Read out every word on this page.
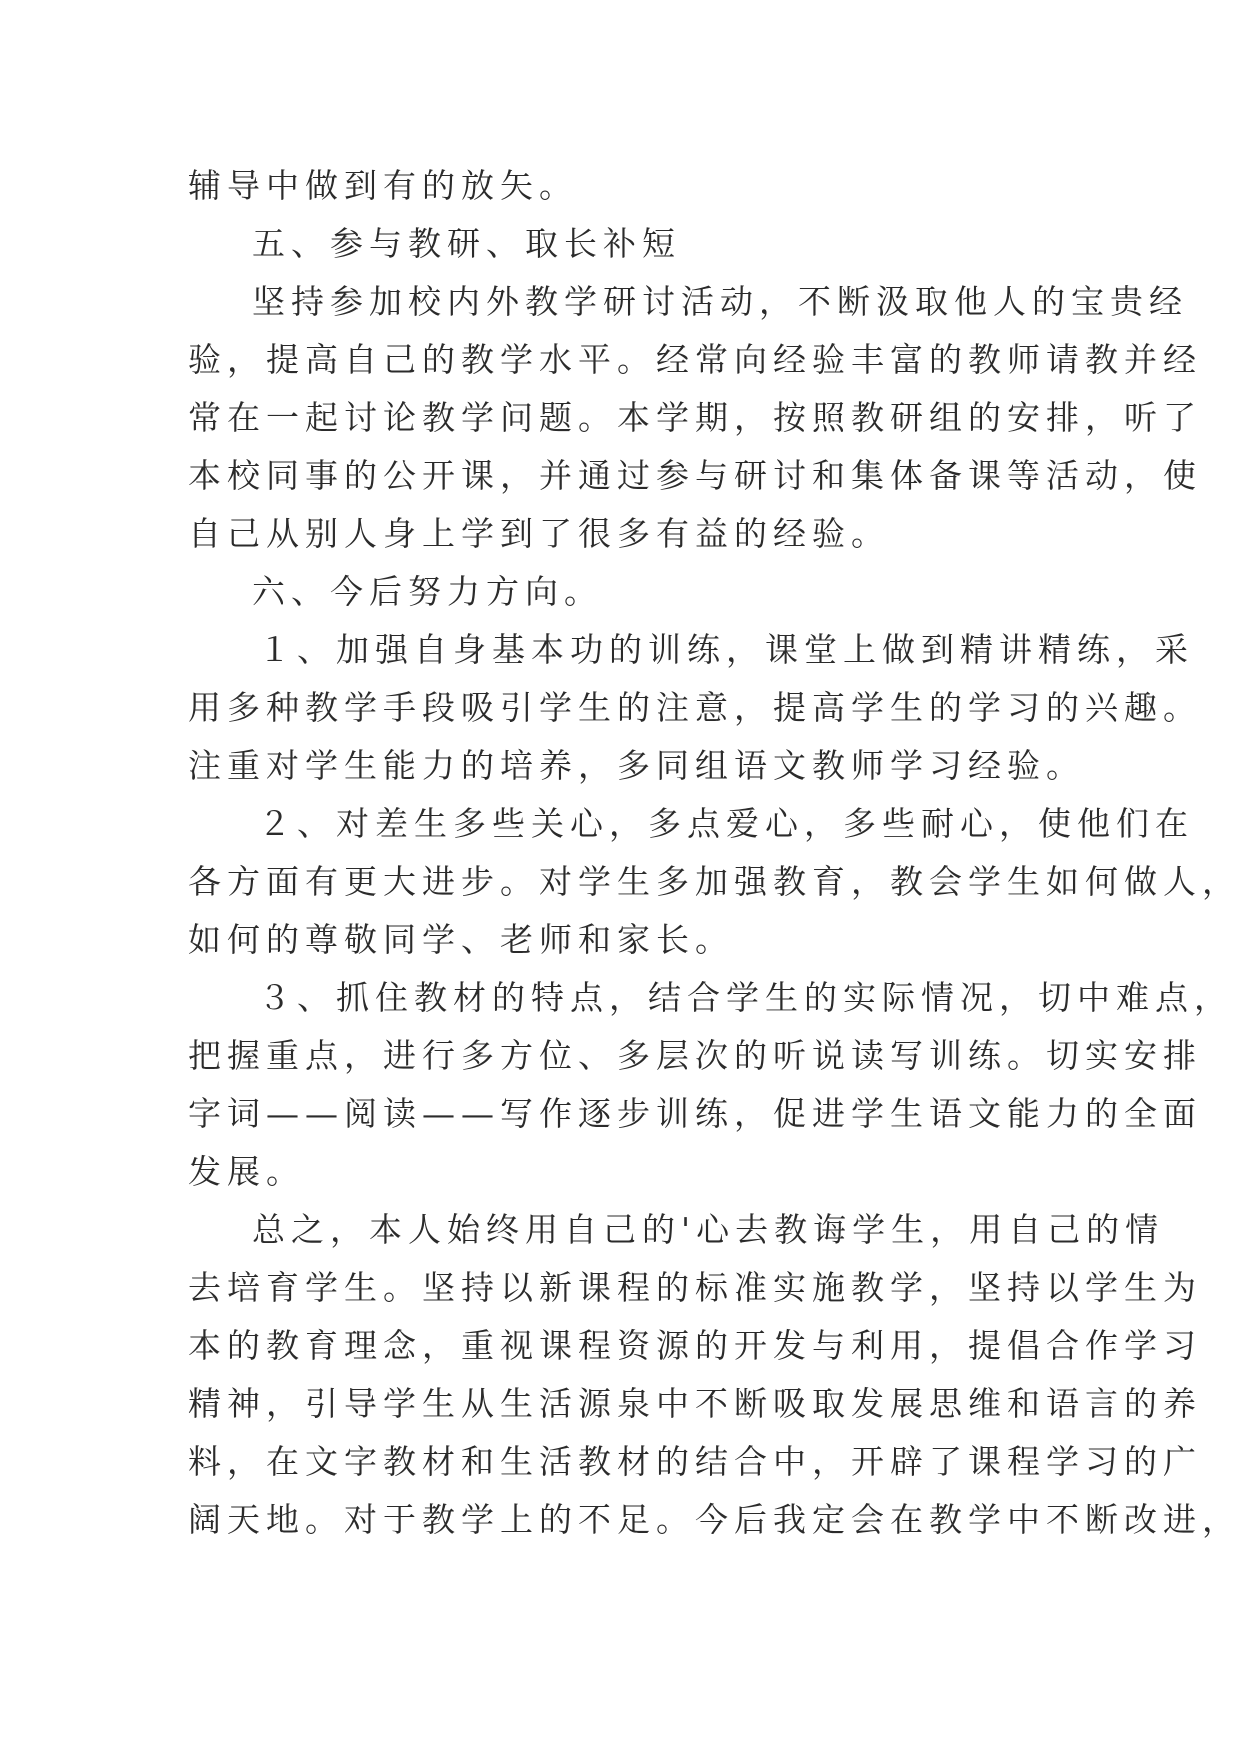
辅导中做到有的放矢。
五、参与教研、取长补短
坚持参加校内外教学研讨活动，不断汲取他人的宝贵经
验，提高自己的教学水平。经常向经验丰富的教师请教并经
常在一起讨论教学问题。本学期，按照教研组的安排，听了
本校同事的公开课，并通过参与研讨和集体备课等活动，使
自己从别人身上学到了很多有益的经验。
六、今后努力方向。
１、加强自身基本功的训练，课堂上做到精讲精练，采
用多种教学手段吸引学生的注意，提高学生的学习的兴趣。
注重对学生能力的培养，多同组语文教师学习经验。
２、对差生多些关心，多点爱心，多些耐心，使他们在
各方面有更大进步。对学生多加强教育，教会学生如何做人，
如何的尊敬同学、老师和家长。
３、抓住教材的特点，结合学生的实际情况，切中难点，
把握重点，进行多方位、多层次的听说读写训练。切实安排
字词——阅读——写作逐步训练，促进学生语文能力的全面
发展。
总之，本人始终用自己的'心去教诲学生，用自己的情
去培育学生。坚持以新课程的标准实施教学，坚持以学生为
本的教育理念，重视课程资源的开发与利用，提倡合作学习
精神，引导学生从生活源泉中不断吸取发展思维和语言的养
料，在文字教材和生活教材的结合中，开辟了课程学习的广
阔天地。对于教学上的不足。今后我定会在教学中不断改进，
